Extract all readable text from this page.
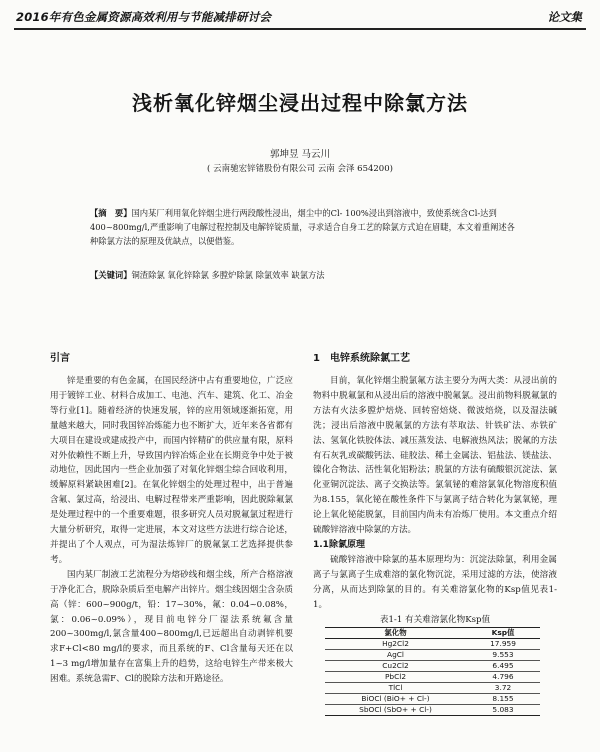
2016年有色金属资源高效利用与节能减排研讨会	论文集
浅析氧化锌烟尘浸出过程中除氯方法
郭坤昱 马云川
( 云南驰宏锌锗股份有限公司 云南 会泽 654200)
【摘　要】国内某厂利用氧化锌烟尘进行两段酸性浸出，烟尘中的Cl- 100%浸出到溶液中，致使系统含Cl-达到400~800mg/l,严重影响了电解过程控制及电解锌锭质量，寻求适合自身工艺的除氯方式迫在眉睫，本文着重阐述各种除氯方法的原理及优缺点，以便借鉴。
【关键词】铜渣除氯 氧化锌除氯 多膛炉除氯 除氯效率 缺氯方法
引言

锌是重要的有色金属，在国民经济中占有重要地位，广泛应用于镀锌工业、材料合成加工、电池、汽车、建筑、化工、冶金等行业[1]。随着经济的快速发展，锌的应用领域逐渐拓宽，用量越来越大，同时我国锌冶炼能力也不断扩大，近年来各省都有大项目在建设或建成投产中，而国内锌精矿的供应量有限，原料对外依赖性不断上升，导致国内锌冶炼企业在长期竞争中处于被动地位，因此国内一些企业加强了对氧化锌烟尘综合回收利用，缓解原料紧缺困难[2]。在氧化锌烟尘的处理过程中，出于普遍含氟、氯过高，给浸出、电解过程带来严重影响，因此脱除氟氯是处理过程中的一个重要难题，很多研究人员对脱氟氯过程进行大量分析研究，取得一定进展，本文对这些方法进行综合论述，并提出了个人观点，可为湿法炼锌厂的脱氟氯工艺选择提供参考。

国内某厂制液工艺流程分为熔砂线和烟尘线，所产合格溶液于净化汇合，脱除杂质后至电解产出锌片。烟尘线因烟尘含杂质高（锌：600~900g/t，铅：17~30%，氟：0.04~0.08%，氯：0.06~0.09%），现目前电锌分厂湿法系统氟含量200~300mg/l,氯含量400~800mg/l,已远超出自动剥锌机要求F+Cl<80 mg/l的要求，而且系统的F、Cl含量每天还在以1~3 mg/l增加量存在富集上升的趋势，这给电锌生产带来极大困难。系统急需F、Cl的脱除方法和开路途径。

1　电锌系统除氯工艺

目前，氧化锌烟尘脱氯氟方法主要分为两大类：从浸出前的物料中脱氟氯和从浸出后的溶液中脱氟氯。浸出前物料脱氟氯的方法有火法多膛炉焙烧、回转窑焙烧、微波焙烧，以及湿法碱洗；浸出后溶液中脱氟氯的方法有萃取法、针铁矿法、赤铁矿法、氢氧化铁胶体法、减压蒸发法、电解液热风法；脱氟的方法有石灰乳或碳酸钙法、硅胶法、稀土金属法、铝盐法、镁盐法、镍化合物法、活性氧化铝粉法；脱氯的方法有硫酸银沉淀法、氯化亚铜沉淀法、离子交换法等。氯氧铋的难溶氯氧化物溶度积值为8.155，氧化铋在酸性条件下与氯离子结合转化为氯氧铋，理论上氧化铋能脱氯，目前国内尚未有冶炼厂使用。本文重点介绍硫酸锌溶液中除氯的方法。

1.1除氯原理

硫酸锌溶液中除氯的基本原理均为：沉淀法除氯，利用金属离子与氯离子生成难溶的氯化物沉淀，采用过滤的方法，使溶液分离，从而达到除氯的目的。有关难溶氯化物的Ksp值见表1-1。

表1-1 有关难溶氯化物Ksp值
氯化物	Ksp值
Hg2Cl2	17.959
AgCl	9.553
Cu2Cl2	6.495
PbCl2	4.796
TlCl	3.72
BiOCl (BiO+ + Cl-)	8.155
SbOCl (SbO+ + Cl-)	5.083
